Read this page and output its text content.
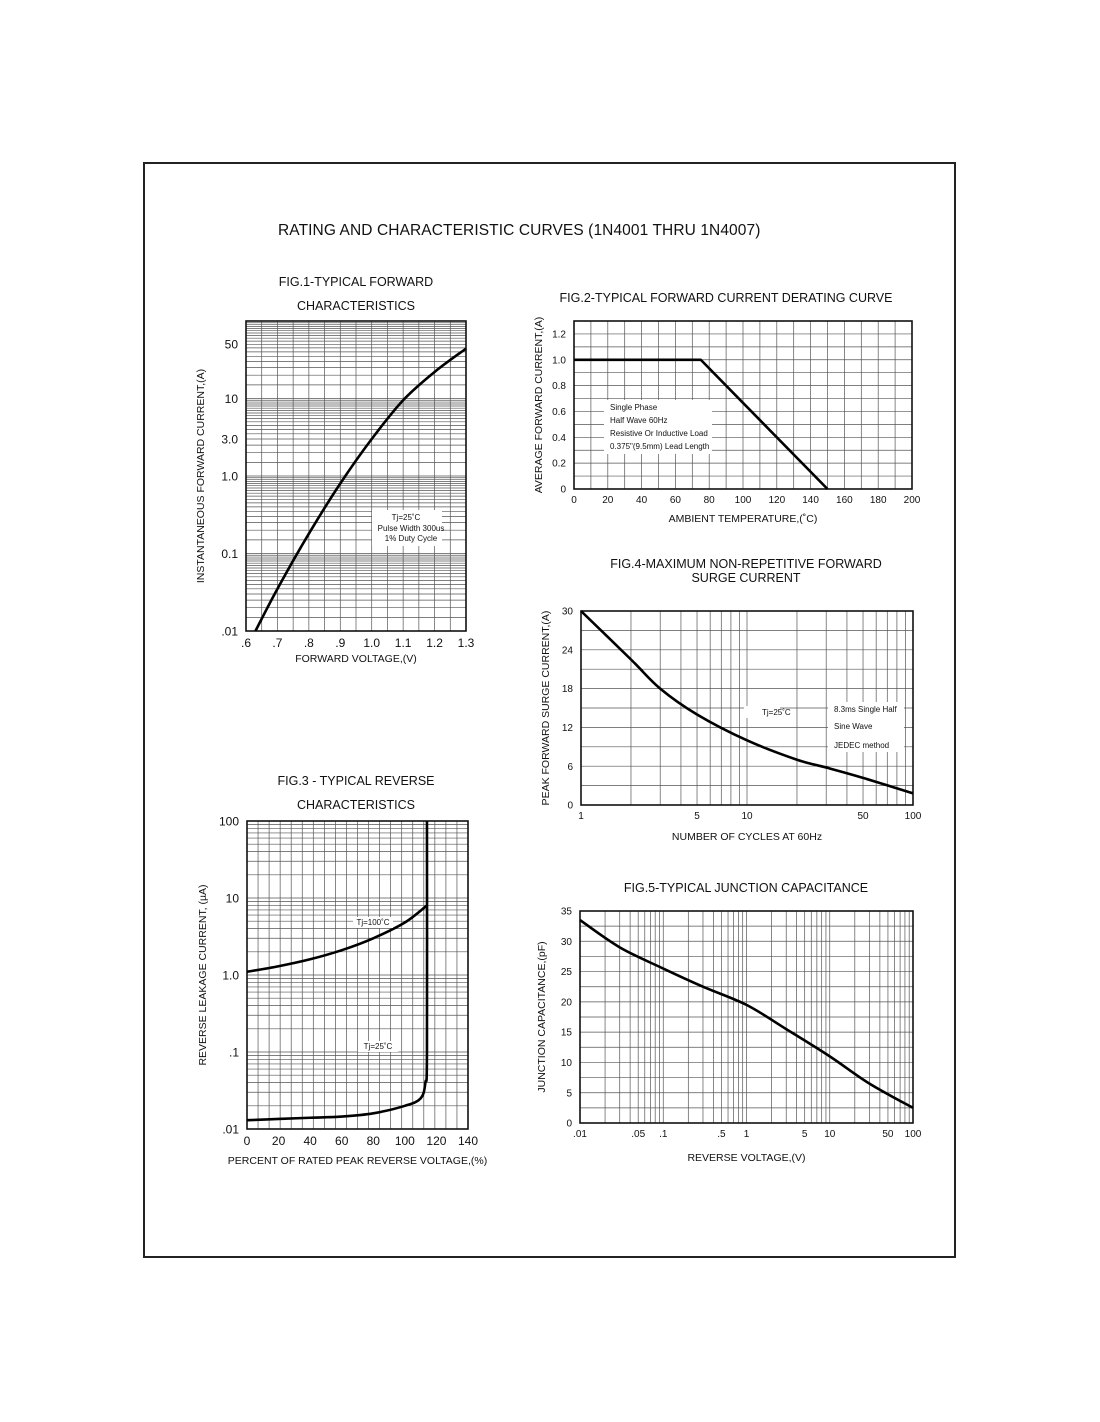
RATING AND CHARACTERISTIC CURVES (1N4001 THRU 1N4007)
FIG.1-TYPICAL FORWARD
CHARACTERISTICS
.6 .7 .8 .9 1.0 1.1 1.2 1.3
.01
0.1
1.0
3.0
10
50
FORWARD VOLTAGE,(V)
INSTANTANEOUS FORWARD CURRENT,(A)	Tj=25˚C
Pulse Width 300us
1% Duty Cycle
FIG.2-TYPICAL FORWARD CURRENT DERATING CURVE
0	20 40 60 80 100 120 140 160 180 200
0
0.2
0.4
0.6
0.8
1.0
1.2
AMBIENT TEMPERATURE,(˚C)
AVERAGE FORWARD CURRENT,(A)	Single Phase
Half Wave 60Hz
Resistive Or Inductive Load
0.375"(9.5mm) Lead Length
FIG.3 - TYPICAL REVERSE
CHARACTERISTICS
0 20 40 60 80 100 120 140
.01
.1
1.0
10
100
PERCENT OF RATED PEAK REVERSE VOLTAGE,(%)
REVERSE LEAKAGE CURRENT, (µA)	Tj=100˚C
Tj=25˚C
FIG.4-MAXIMUM NON-REPETITIVE FORWARD
SURGE CURRENT
1	5	10	50	100
0
6
12
18
24
30
NUMBER OF CYCLES AT 60Hz
PEAK FORWARD SURGE CURRENT,(A)	Tj=25˚C	8.3ms Single Half
Sine Wave
JEDEC method
FIG.5-TYPICAL JUNCTION CAPACITANCE
.01	.05 .1	.5 1	5 10	50 100
0
5
10
15
20
25
30
35
REVERSE VOLTAGE,(V)
JUNCTION CAPACITANCE,(pF)
